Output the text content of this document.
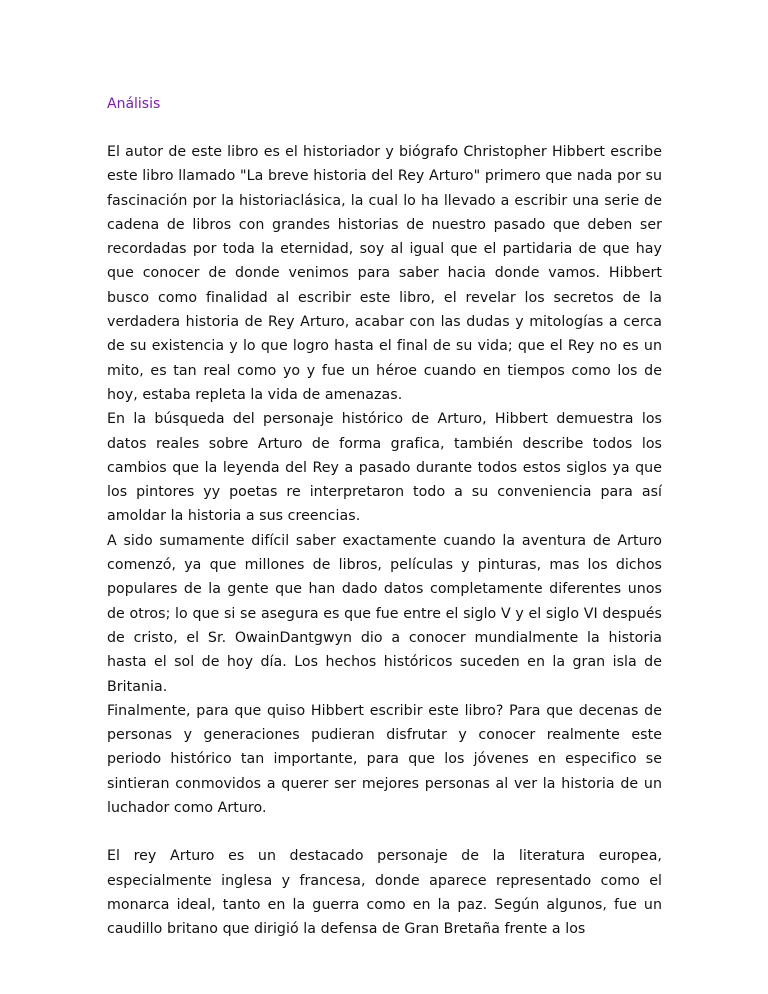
Análisis

El autor de este libro es el historiador y biógrafo Christopher Hibbert escribe este libro llamado "La breve historia del Rey Arturo" primero que nada por su fascinación por la historiaclásica, la cual lo ha llevado a escribir una serie de cadena de libros con grandes historias de nuestro pasado que deben ser recordadas por toda la eternidad, soy al igual que el partidaria de que hay que conocer de donde venimos para saber hacia donde vamos. Hibbert busco como finalidad al escribir este libro, el revelar los secretos de la verdadera historia de Rey Arturo, acabar con las dudas y mitologías a cerca de su existencia y lo que logro hasta el final de su vida; que el Rey no es un mito, es tan real como yo y fue un héroe cuando en tiempos como los de hoy, estaba repleta la vida de amenazas.

En la búsqueda del personaje histórico de Arturo, Hibbert demuestra los datos reales sobre Arturo de forma grafica, también describe todos los cambios que la leyenda del Rey a pasado durante todos estos siglos ya que los pintores yy poetas re interpretaron todo a su conveniencia para así amoldar la historia a sus creencias.

A sido sumamente difícil saber exactamente cuando la aventura de Arturo comenzó, ya que millones de libros, películas y pinturas, mas los dichos populares de la gente que han dado datos completamente diferentes unos de otros; lo que si se asegura es que fue entre el siglo V y el siglo VI después de cristo, el Sr. OwainDantgwyn dio a conocer mundialmente la historia hasta el sol de hoy día. Los hechos históricos suceden en la gran isla de Britania.

Finalmente, para que quiso Hibbert escribir este libro? Para que decenas de personas y generaciones pudieran disfrutar y conocer realmente este periodo histórico tan importante, para que los jóvenes en especifico se sintieran conmovidos a querer ser mejores personas al ver la historia de un luchador como Arturo.

El rey Arturo es un destacado personaje de la literatura europea, especialmente inglesa y francesa, donde aparece representado como el monarca ideal, tanto en la guerra como en la paz. Según algunos, fue un caudillo britano que dirigió la defensa de Gran Bretaña frente a los
